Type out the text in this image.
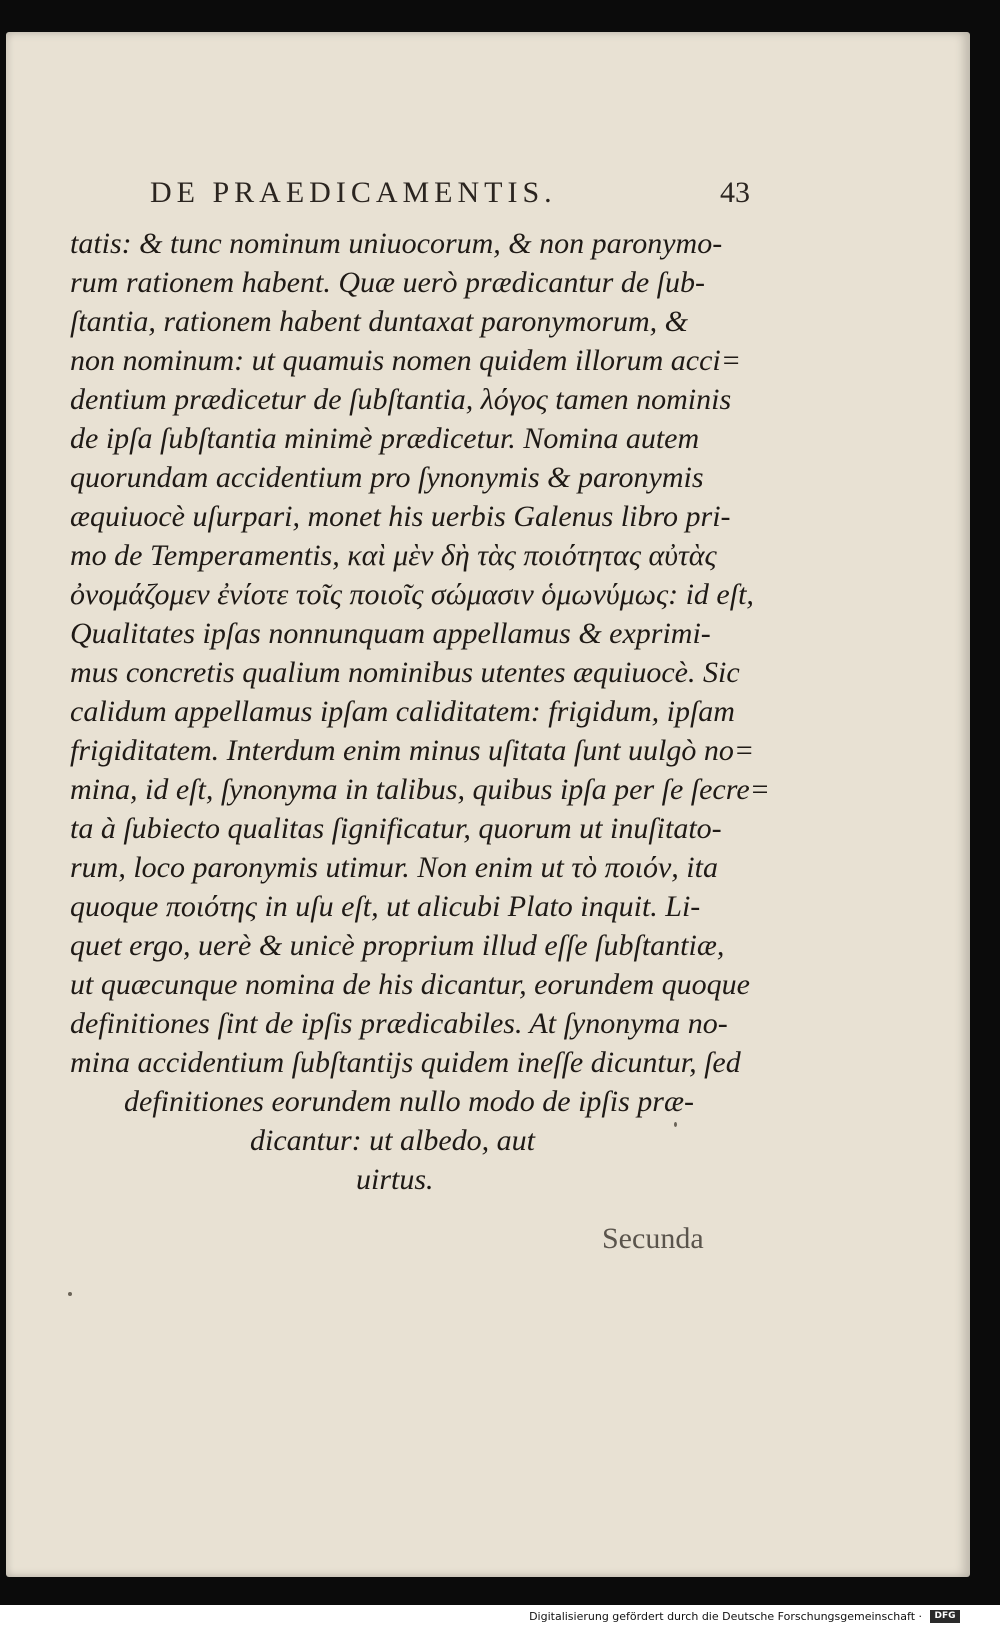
DE PRAEDICAMENTIS.	43
tatis: & tunc nominum uniuocorum, & non paronymo-
rum rationem habent. Quæ uerò prædicantur de ſub-
ſtantia, rationem habent duntaxat paronymorum, &
non nominum: ut quamuis nomen quidem illorum acci=
dentium prædicetur de ſubſtantia, λόγος tamen nominis
de ipſa ſubſtantia minimè prædicetur. Nomina autem
quorundam accidentium pro ſynonymis & paronymis
æquiuocè uſurpari, monet his uerbis Galenus libro pri-
mo de Temperamentis, καὶ μὲν δὴ τὰς ποιότητας αὐτὰς
ὀνομάζομεν ἐνίοτε τοῖς ποιοῖς σώμασιν ὁμωνύμως: id eſt,
Qualitates ipſas nonnunquam appellamus & exprimi-
mus concretis qualium nominibus utentes æquiuocè. Sic
calidum appellamus ipſam caliditatem: frigidum, ipſam
frigiditatem. Interdum enim minus uſitata ſunt uulgò no=
mina, id eſt, ſynonyma in talibus, quibus ipſa per ſe ſecre=
ta à ſubiecto qualitas ſignificatur, quorum ut inuſitato-
rum, loco paronymis utimur. Non enim ut τὸ ποιόν, ita
quoque ποιότης in uſu eſt, ut alicubi Plato inquit. Li-
quet ergo, uerè & unicè proprium illud eſſe ſubſtantiæ,
ut quæcunque nomina de his dicantur, eorundem quoque
definitiones ſint de ipſis prædicabiles. At ſynonyma no-
mina accidentium ſubſtantijs quidem ineſſe dicuntur, ſed
definitiones eorundem nullo modo de ipſis præ-
dicantur: ut albedo, aut
uirtus.
Secunda
Digitalisierung gefördert durch die Deutsche Forschungsgemeinschaft ·	DFG
